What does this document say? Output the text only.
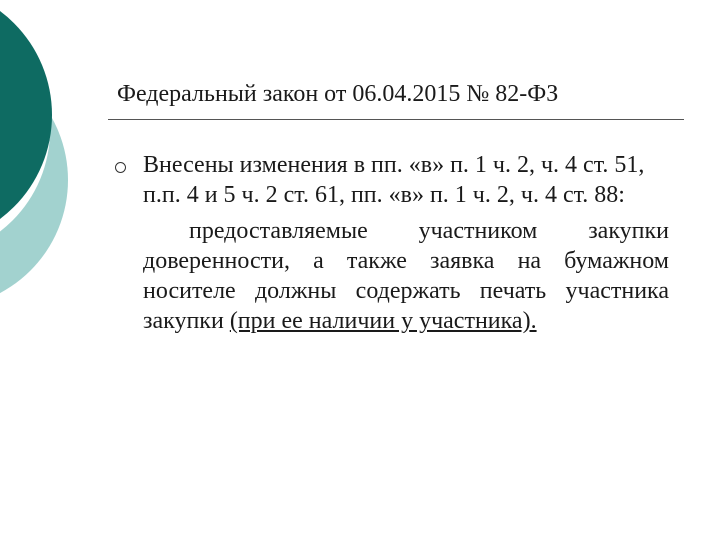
Федеральный закон от 06.04.2015 № 82-ФЗ

Внесены изменения в пп. «в» п. 1 ч. 2, ч. 4 ст. 51, п.п. 4 и 5 ч. 2 ст. 61, пп. «в» п. 1 ч. 2, ч. 4 ст. 88:

предоставляемые участником закупки доверенности, а также заявка на бумажном носителе должны содержать печать участника закупки (при ее наличии у участника).
